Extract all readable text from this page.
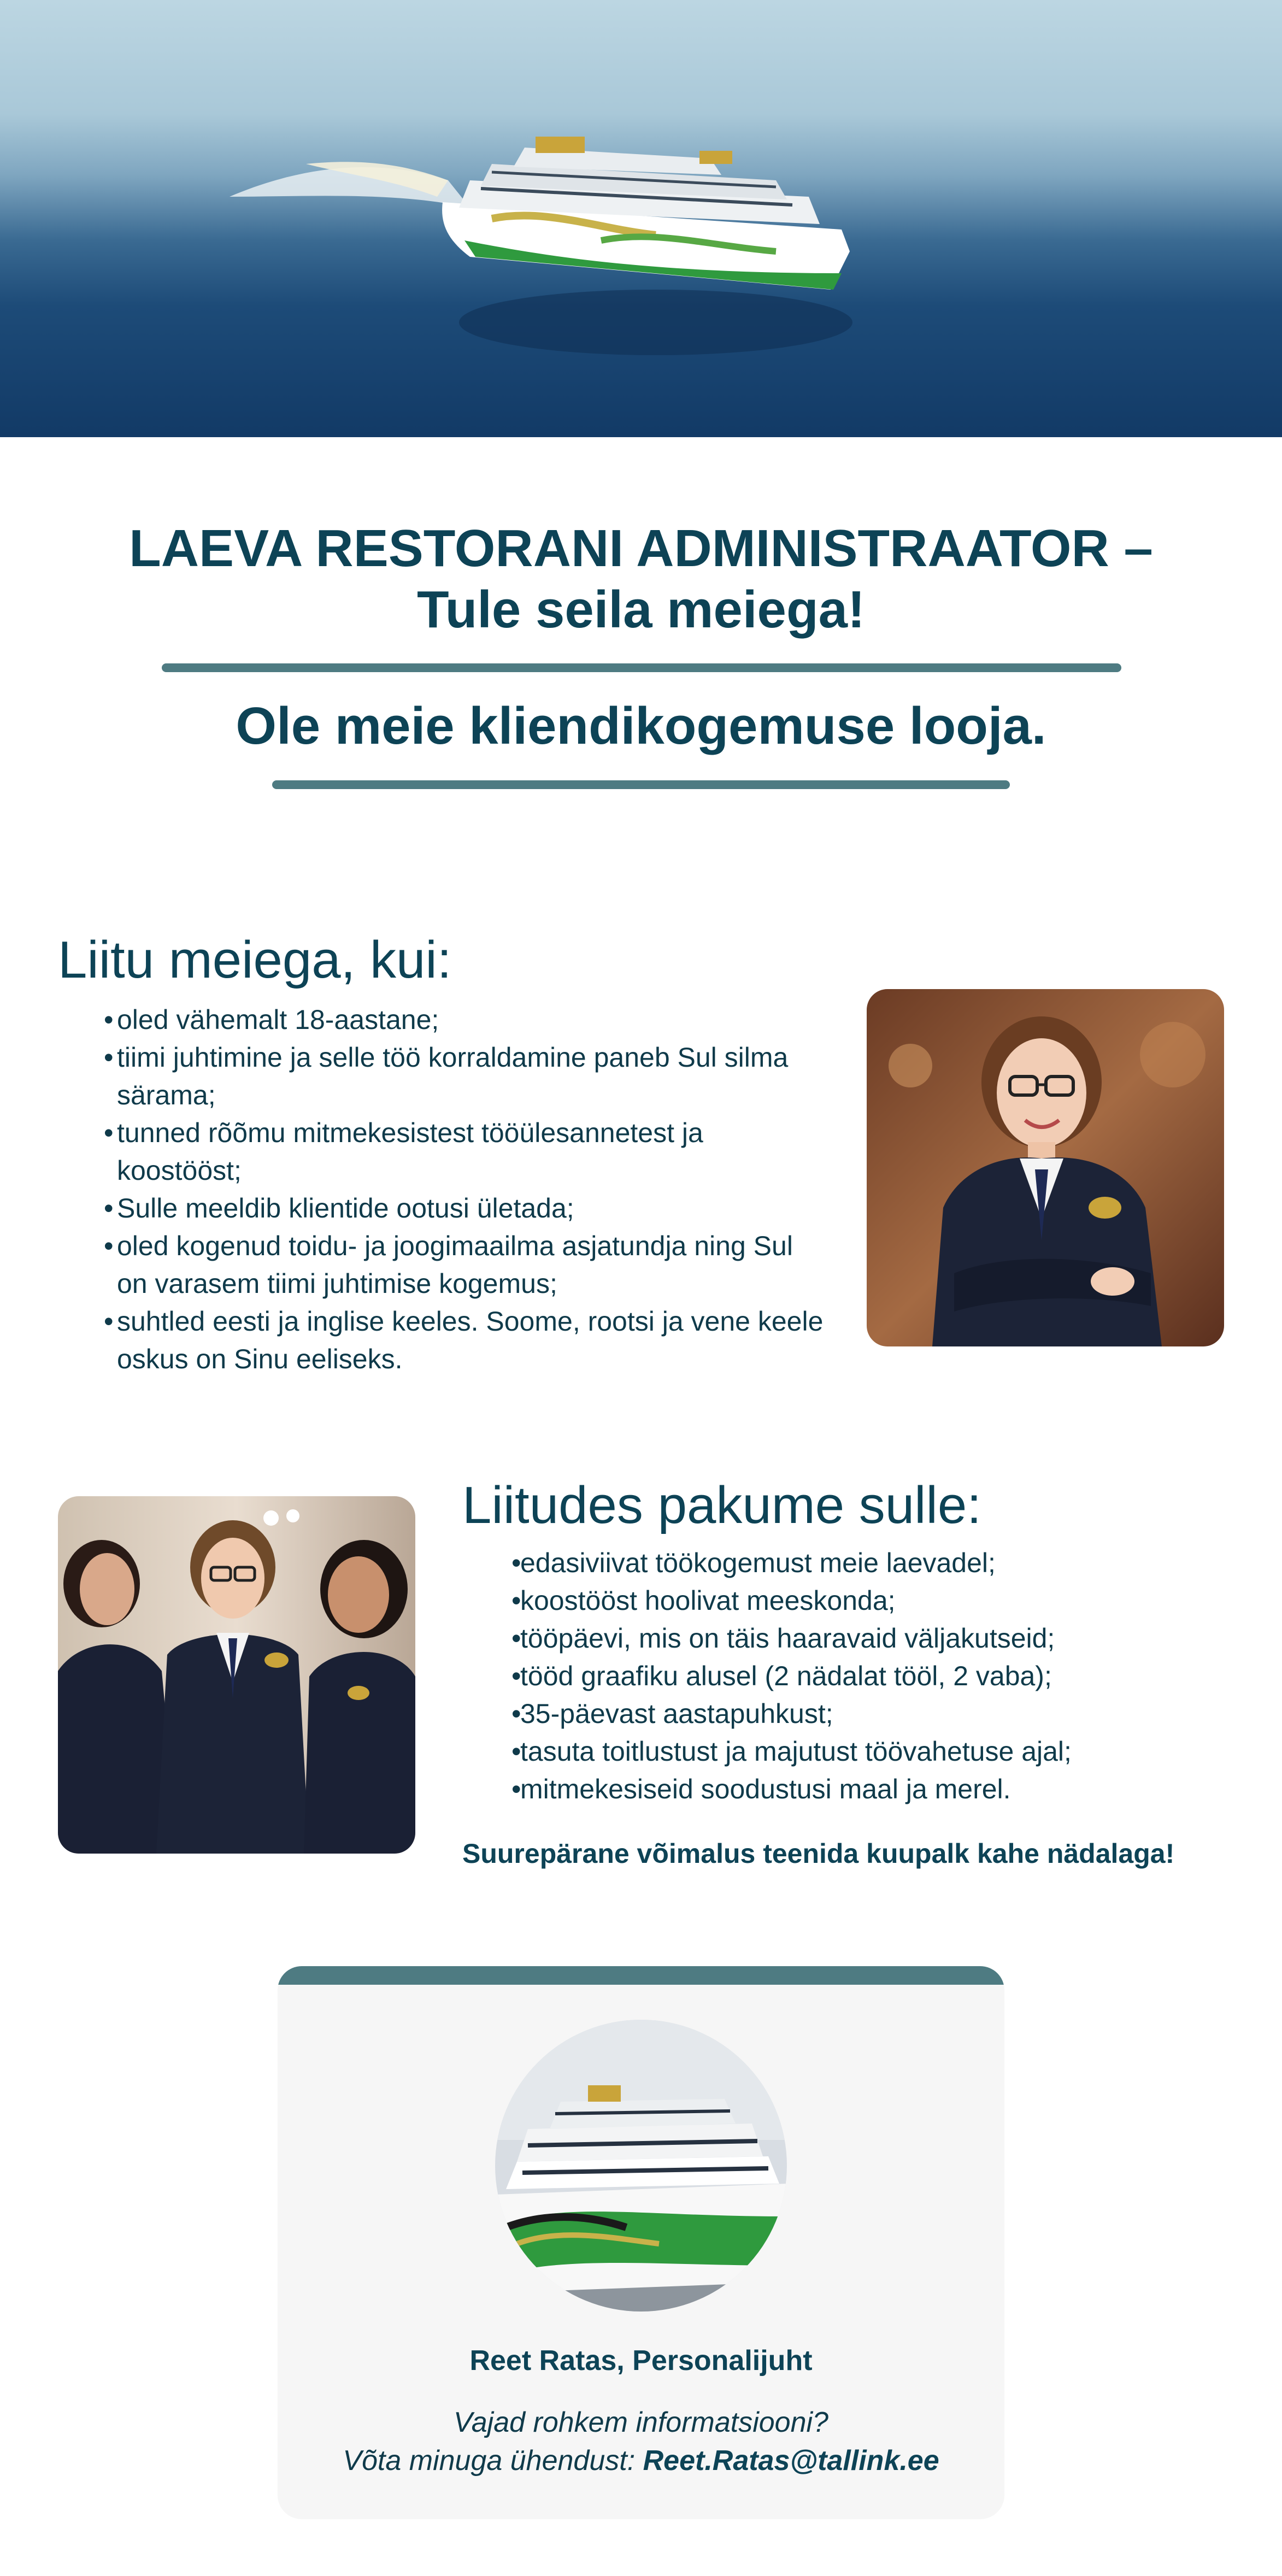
LAEVA RESTORANI ADMINISTRAATOR –
Tule seila meiega!
Ole meie kliendikogemuse looja.
Liitu meiega, kui:
• oled vähemalt 18-aastane;
• tiimi juhtimine ja selle töö korraldamine paneb Sul silma särama;
• tunned rõõmu mitmekesistest tööülesannetest ja koostööst;
• Sulle meeldib klientide ootusi ületada;
• oled kogenud toidu- ja joogimaailma asjatundja ning Sul on varasem tiimi juhtimise kogemus;
• suhtled eesti ja inglise keeles. Soome, rootsi ja vene keele oskus on Sinu eeliseks.
Liitudes pakume sulle:
• edasiviivat töökogemust meie laevadel;
• koostööst hoolivat meeskonda;
• tööpäevi, mis on täis haaravaid väljakutseid;
• tööd graafiku alusel (2 nädalat tööl, 2 vaba);
• 35-päevast aastapuhkust;
• tasuta toitlustust ja majutust töövahetuse ajal;
• mitmekesiseid soodustusi maal ja merel.

Suurepärane võimalus teenida kuupalk kahe nädalaga!

Reet Ratas, Personalijuht

Vajad rohkem informatsiooni?

Võta minuga ühendust: Reet.Ratas@tallink.ee
